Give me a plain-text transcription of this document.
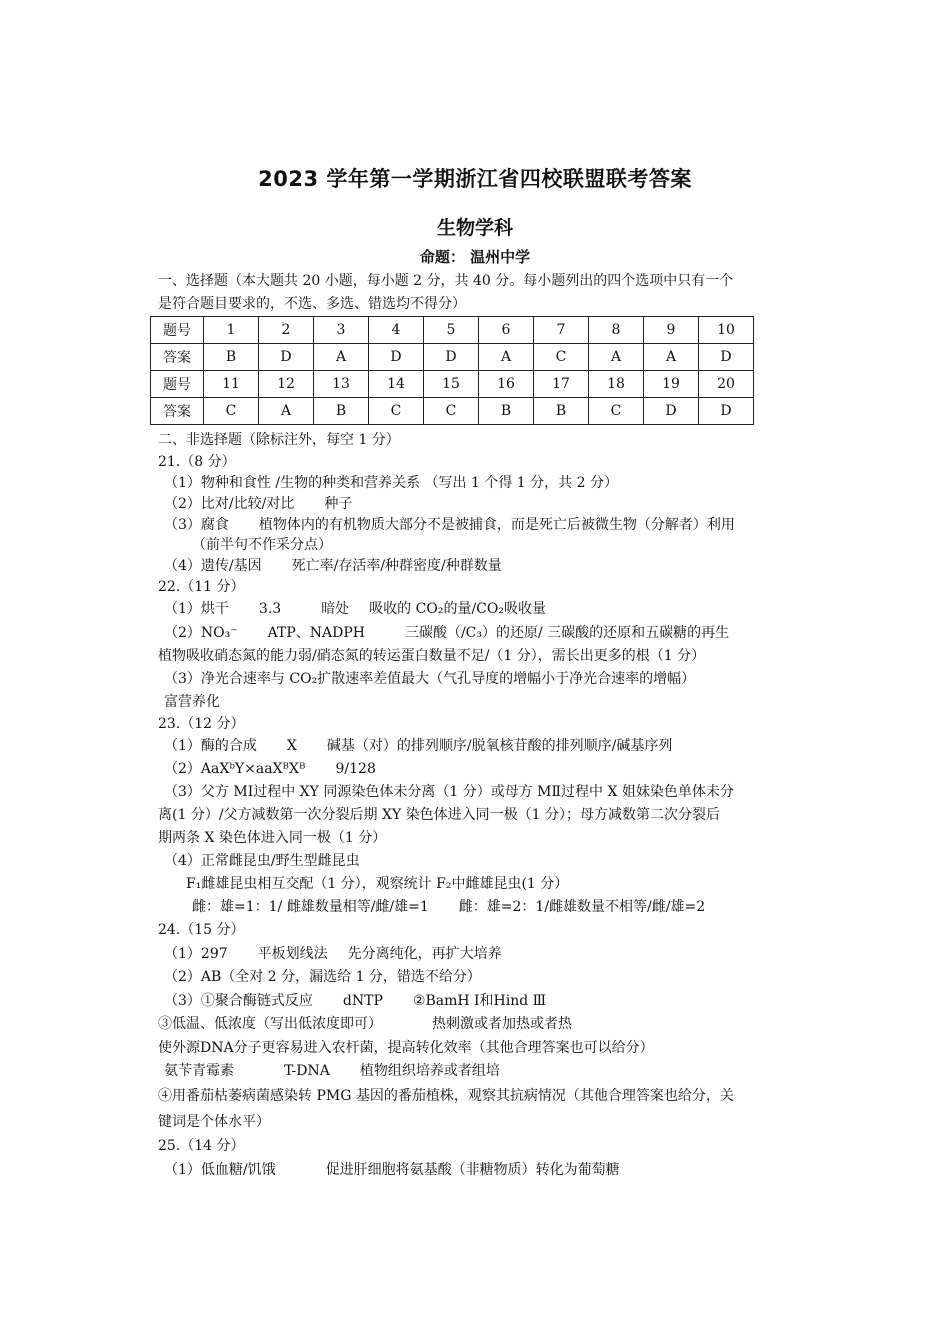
2023 学年第一学期浙江省四校联盟联考答案
生物学科
命题： 温州中学
一、选择题（本大题共 20 小题，每小题 2 分，共 40 分。每小题列出的四个选项中只有一个
是符合题目要求的，不选、多选、错选均不得分）
题号	1	2	3	4	5	6	7	8	9	10
答案	B	D	A	D	D	A	C	A	A	D
题号	11	12	13	14	15	16	17	18	19	20
答案	C	A	B	C	C	B	B	C	D	D
二、非选择题（除标注外，每空 1 分）
21.（8 分）
（1）物种和食性 /生物的种类和营养关系 （写出 1 个得 1 分，共 2 分）
（2）比对/比较/对比 种子
（3）腐食 植物体内的有机物质大部分不是被捕食，而是死亡后被微生物（分解者）利用
（前半句不作采分点）
（4）遗传/基因 死亡率/存活率/种群密度/种群数量
22.（11 分）
（1）烘干 3.3	暗处 吸收的 CO₂的量/CO₂吸收量
（2）NO₃⁻ ATP、NADPH	三碳酸（/C₃）的还原/ 三碳酸的还原和五碳糖的再生
植物吸收硝态氮的能力弱/硝态氮的转运蛋白数量不足/（1 分），需长出更多的根（1 分）
（3）净光合速率与 CO₂扩散速率差值最大（气孔导度的增幅小于净光合速率的增幅）
富营养化
23.（12 分）
（1）酶的合成 X 碱基（对）的排列顺序/脱氧核苷酸的排列顺序/碱基序列
（2）AaXᵇY×aaXᴮXᴮ 9/128
（3）父方 MⅠ过程中 XY 同源染色体未分离（1 分）或母方 MⅡ过程中 X 姐妹染色单体未分
离(1 分）/父方减数第一次分裂后期 XY 染色体进入同一极（1 分）；母方减数第二次分裂后
期两条 X 染色体进入同一极（1 分）
（4）正常雌昆虫/野生型雌昆虫
F₁雌雄昆虫相互交配（1 分），观察统计 F₂中雌雄昆虫(1 分）
雌：雄=1：1/ 雌雄数量相等/雌/雄=1 雌：雄=2：1/雌雄数量不相等/雌/雄=2
24.（15 分）
（1）297 平板划线法 先分离纯化，再扩大培养
（2）AB（全对 2 分，漏选给 1 分，错选不给分）
（3）①聚合酶链式反应 dNTP ②BamH Ⅰ和Hind Ⅲ
③低温、低浓度（写出低浓度即可）	热刺激或者加热或者热
使外源DNA分子更容易进入农杆菌，提高转化效率（其他合理答案也可以给分）
氨苄青霉素	T-DNA 植物组织培养或者组培
④用番茄枯萎病菌感染转 PMG 基因的番茄植株，观察其抗病情况（其他合理答案也给分，关
键词是个体水平）
25.（14 分）
（1）低血糖/饥饿	促进肝细胞将氨基酸（非糖物质）转化为葡萄糖
